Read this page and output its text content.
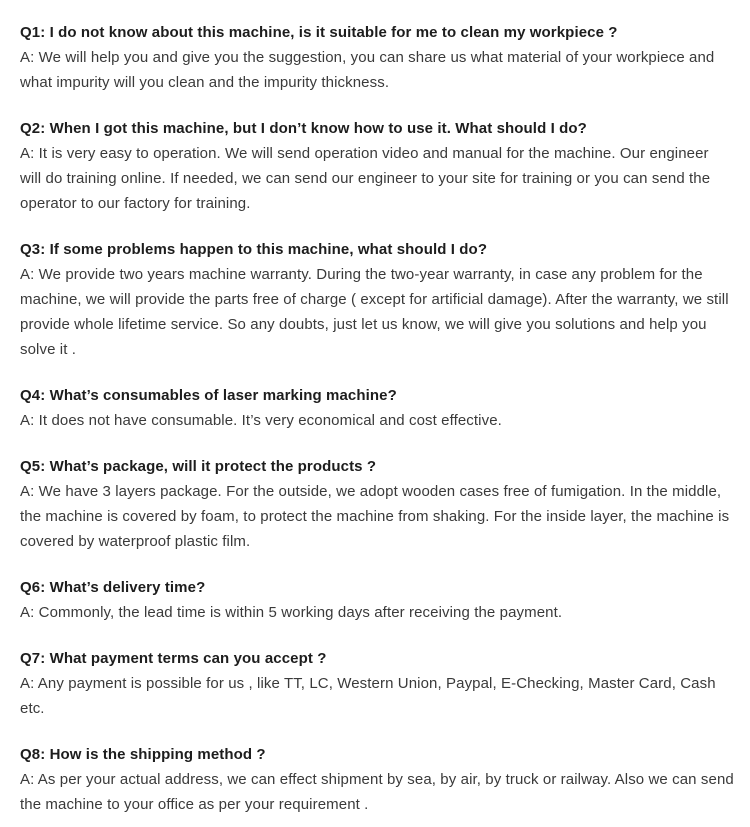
Q1: I do not know about this machine, is it suitable for me to clean my workpiece ?
A: We will help you and give you the suggestion, you can share us what material of your workpiece and what impurity will you clean and the impurity thickness.
Q2: When I got this machine, but I don’t know how to use it. What should I do?
A: It is very easy to operation. We will send operation video and manual for the machine. Our engineer will do training online. If needed, we can send our engineer to your site for training or you can send the operator to our factory for training.
Q3: If some problems happen to this machine, what should I do?
A: We provide two years machine warranty. During the two-year warranty, in case any problem for the machine, we will provide the parts free of charge ( except for artificial damage). After the warranty, we still provide whole lifetime service. So any doubts, just let us know, we will give you solutions and help you solve it .
Q4: What’s consumables of laser marking machine?
A: It does not have consumable. It’s very economical and cost effective.
Q5: What’s package, will it protect the products ?
A: We have 3 layers package. For the outside, we adopt wooden cases free of fumigation. In the middle, the machine is covered by foam, to protect the machine from shaking. For the inside layer, the machine is covered by waterproof plastic film.
Q6: What’s delivery time?
A: Commonly, the lead time is within 5 working days after receiving the payment.
Q7: What payment terms can you accept ?
A: Any payment is possible for us , like TT, LC, Western Union, Paypal, E-Checking, Master Card, Cash etc.
Q8: How is the shipping method ?
A: As per your actual address, we can effect shipment by sea, by air, by truck or railway. Also we can send the machine to your office as per your requirement .
